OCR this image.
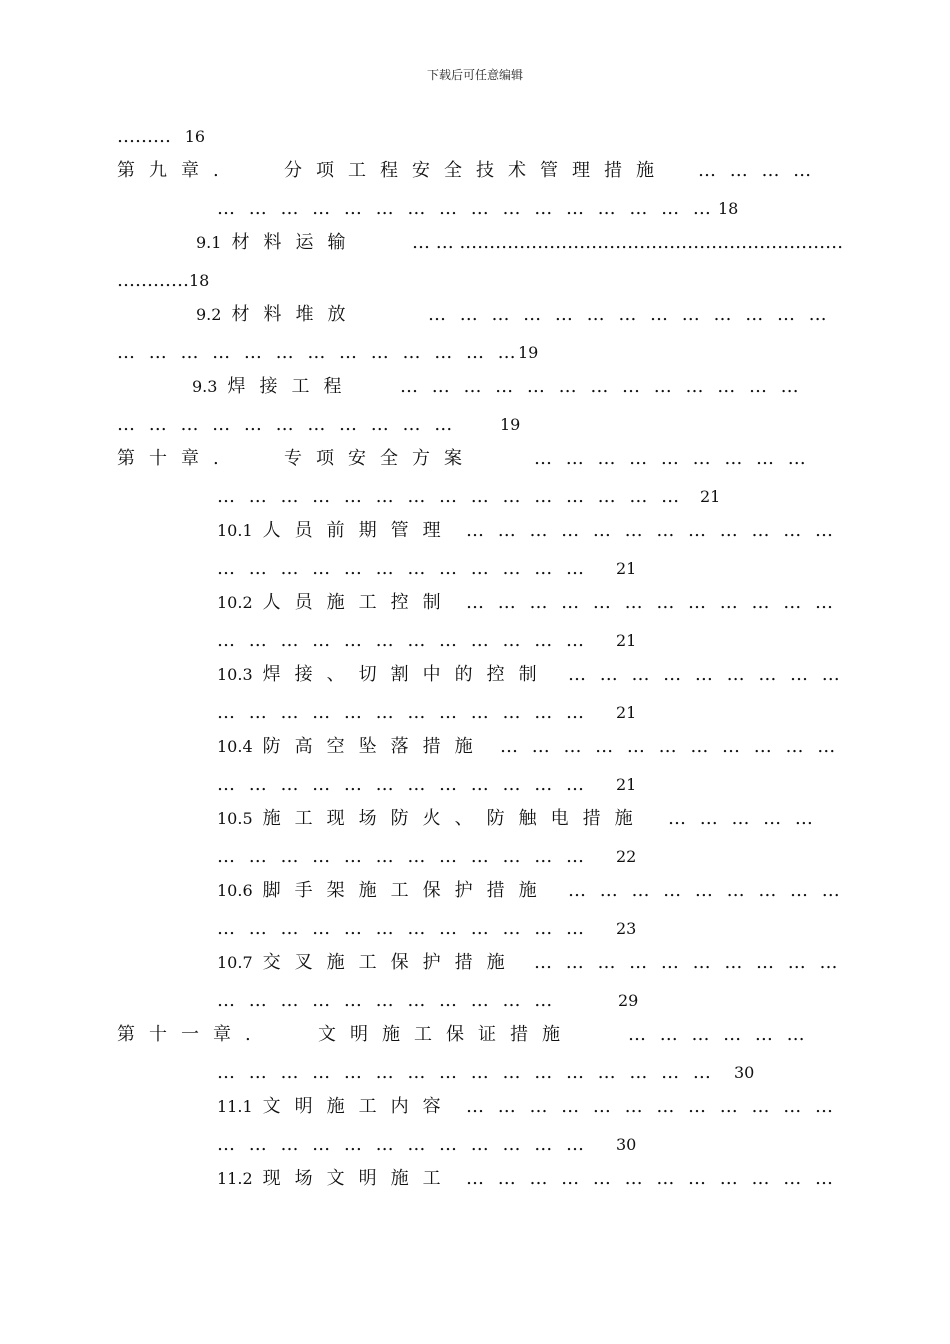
下载后可任意编辑
……… 16
第九章.	分项工程安全技术管理措施 … … … …
… … … … … … … … … … … … … … … … 18
9.1 材料运输	… … .………………………………………………………
…………18
9.2 材料堆放	… … … … … … … … … … … … …
… … … … … … … … … … … … …
19
9.3 焊接工程 … … … … … … … … … … … … …
… … … … … … … … … … …	19
第十章.	专项安全方案	… … … … … … … … …
… … … … … … … … … … … … … … … 21
10.1 人员前期管理 … … … … … … … … … … … …
… … … … … … … … … … … … 21
10.2 人员施工控制 … … … … … … … … … … … …
… … … … … … … … … … … … 21
10.3 焊接、切割中的控制 … … … … … … … … …
… … … … … … … … … … … … 21
10.4 防高空坠落措施 … … … … … … … … … … …
… … … … … … … … … … … … 21
10.5 施工现场防火、防触电措施 … … … … …
… … … … … … … … … … … … 22
10.6 脚手架施工保护措施 … … … … … … … … …
… … … … … … … … … … … … 23
10.7 交叉施工保护措施 … … … … … … … … … …
… … … … … … … … … … …	29
第十一章.	文明施工保证措施	… … … … … …
… … … … … … … … … … … … … … … … 30
11.1 文明施工内容 … … … … … … … … … … … …
… … … … … … … … … … … … 30
11.2 现场文明施工 … … … … … … … … … … … …
